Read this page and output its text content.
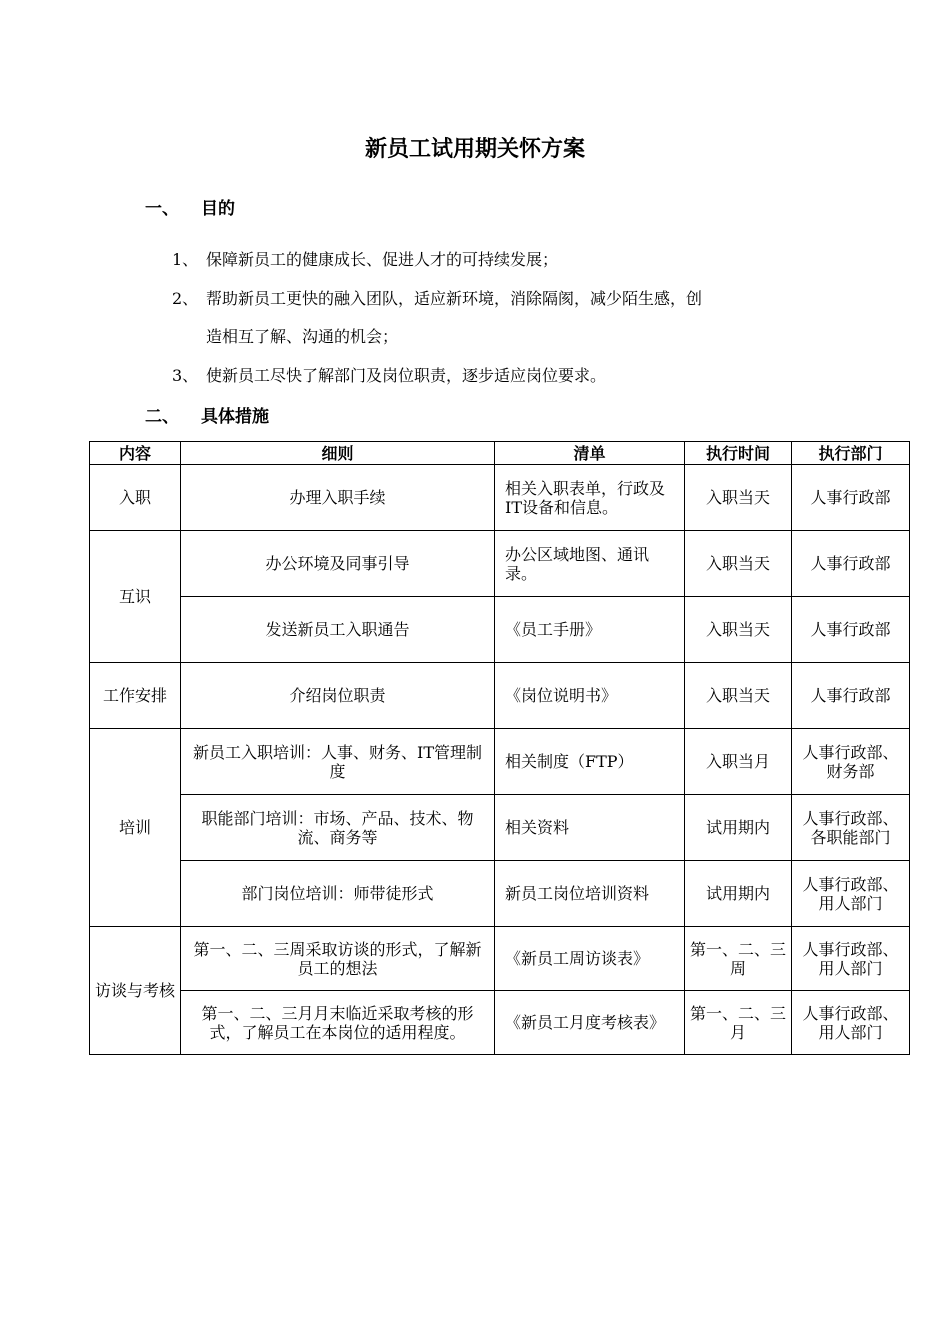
新员工试用期关怀方案
一、 目的
1、 保障新员工的健康成长、促进人才的可持续发展；
2、 帮助新员工更快的融入团队，适应新环境，消除隔阂，减少陌生感，创
造相互了解、沟通的机会；
3、 使新员工尽快了解部门及岗位职责，逐步适应岗位要求。
二、 具体措施
内容	细则	清单	执行时间	执行部门
入职	办理入职手续	相关入职表单，行政及IT设备和信息。	入职当天	人事行政部
互识	办公环境及同事引导	办公区域地图、通讯录。	入职当天	人事行政部
	发送新员工入职通告	《员工手册》	入职当天	人事行政部
工作安排	介绍岗位职责	《岗位说明书》	入职当天	人事行政部
培训	新员工入职培训：人事、财务、IT管理制度	相关制度（FTP）	入职当月	人事行政部、财务部
	职能部门培训：市场、产品、技术、物流、商务等	相关资料	试用期内	人事行政部、各职能部门
	部门岗位培训：师带徒形式	新员工岗位培训资料	试用期内	人事行政部、用人部门
访谈与考核	第一、二、三周采取访谈的形式，了解新员工的想法	《新员工周访谈表》	第一、二、三周	人事行政部、用人部门
	第一、二、三月月末临近采取考核的形式，了解员工在本岗位的适用程度。	《新员工月度考核表》	第一、二、三月	人事行政部、用人部门
